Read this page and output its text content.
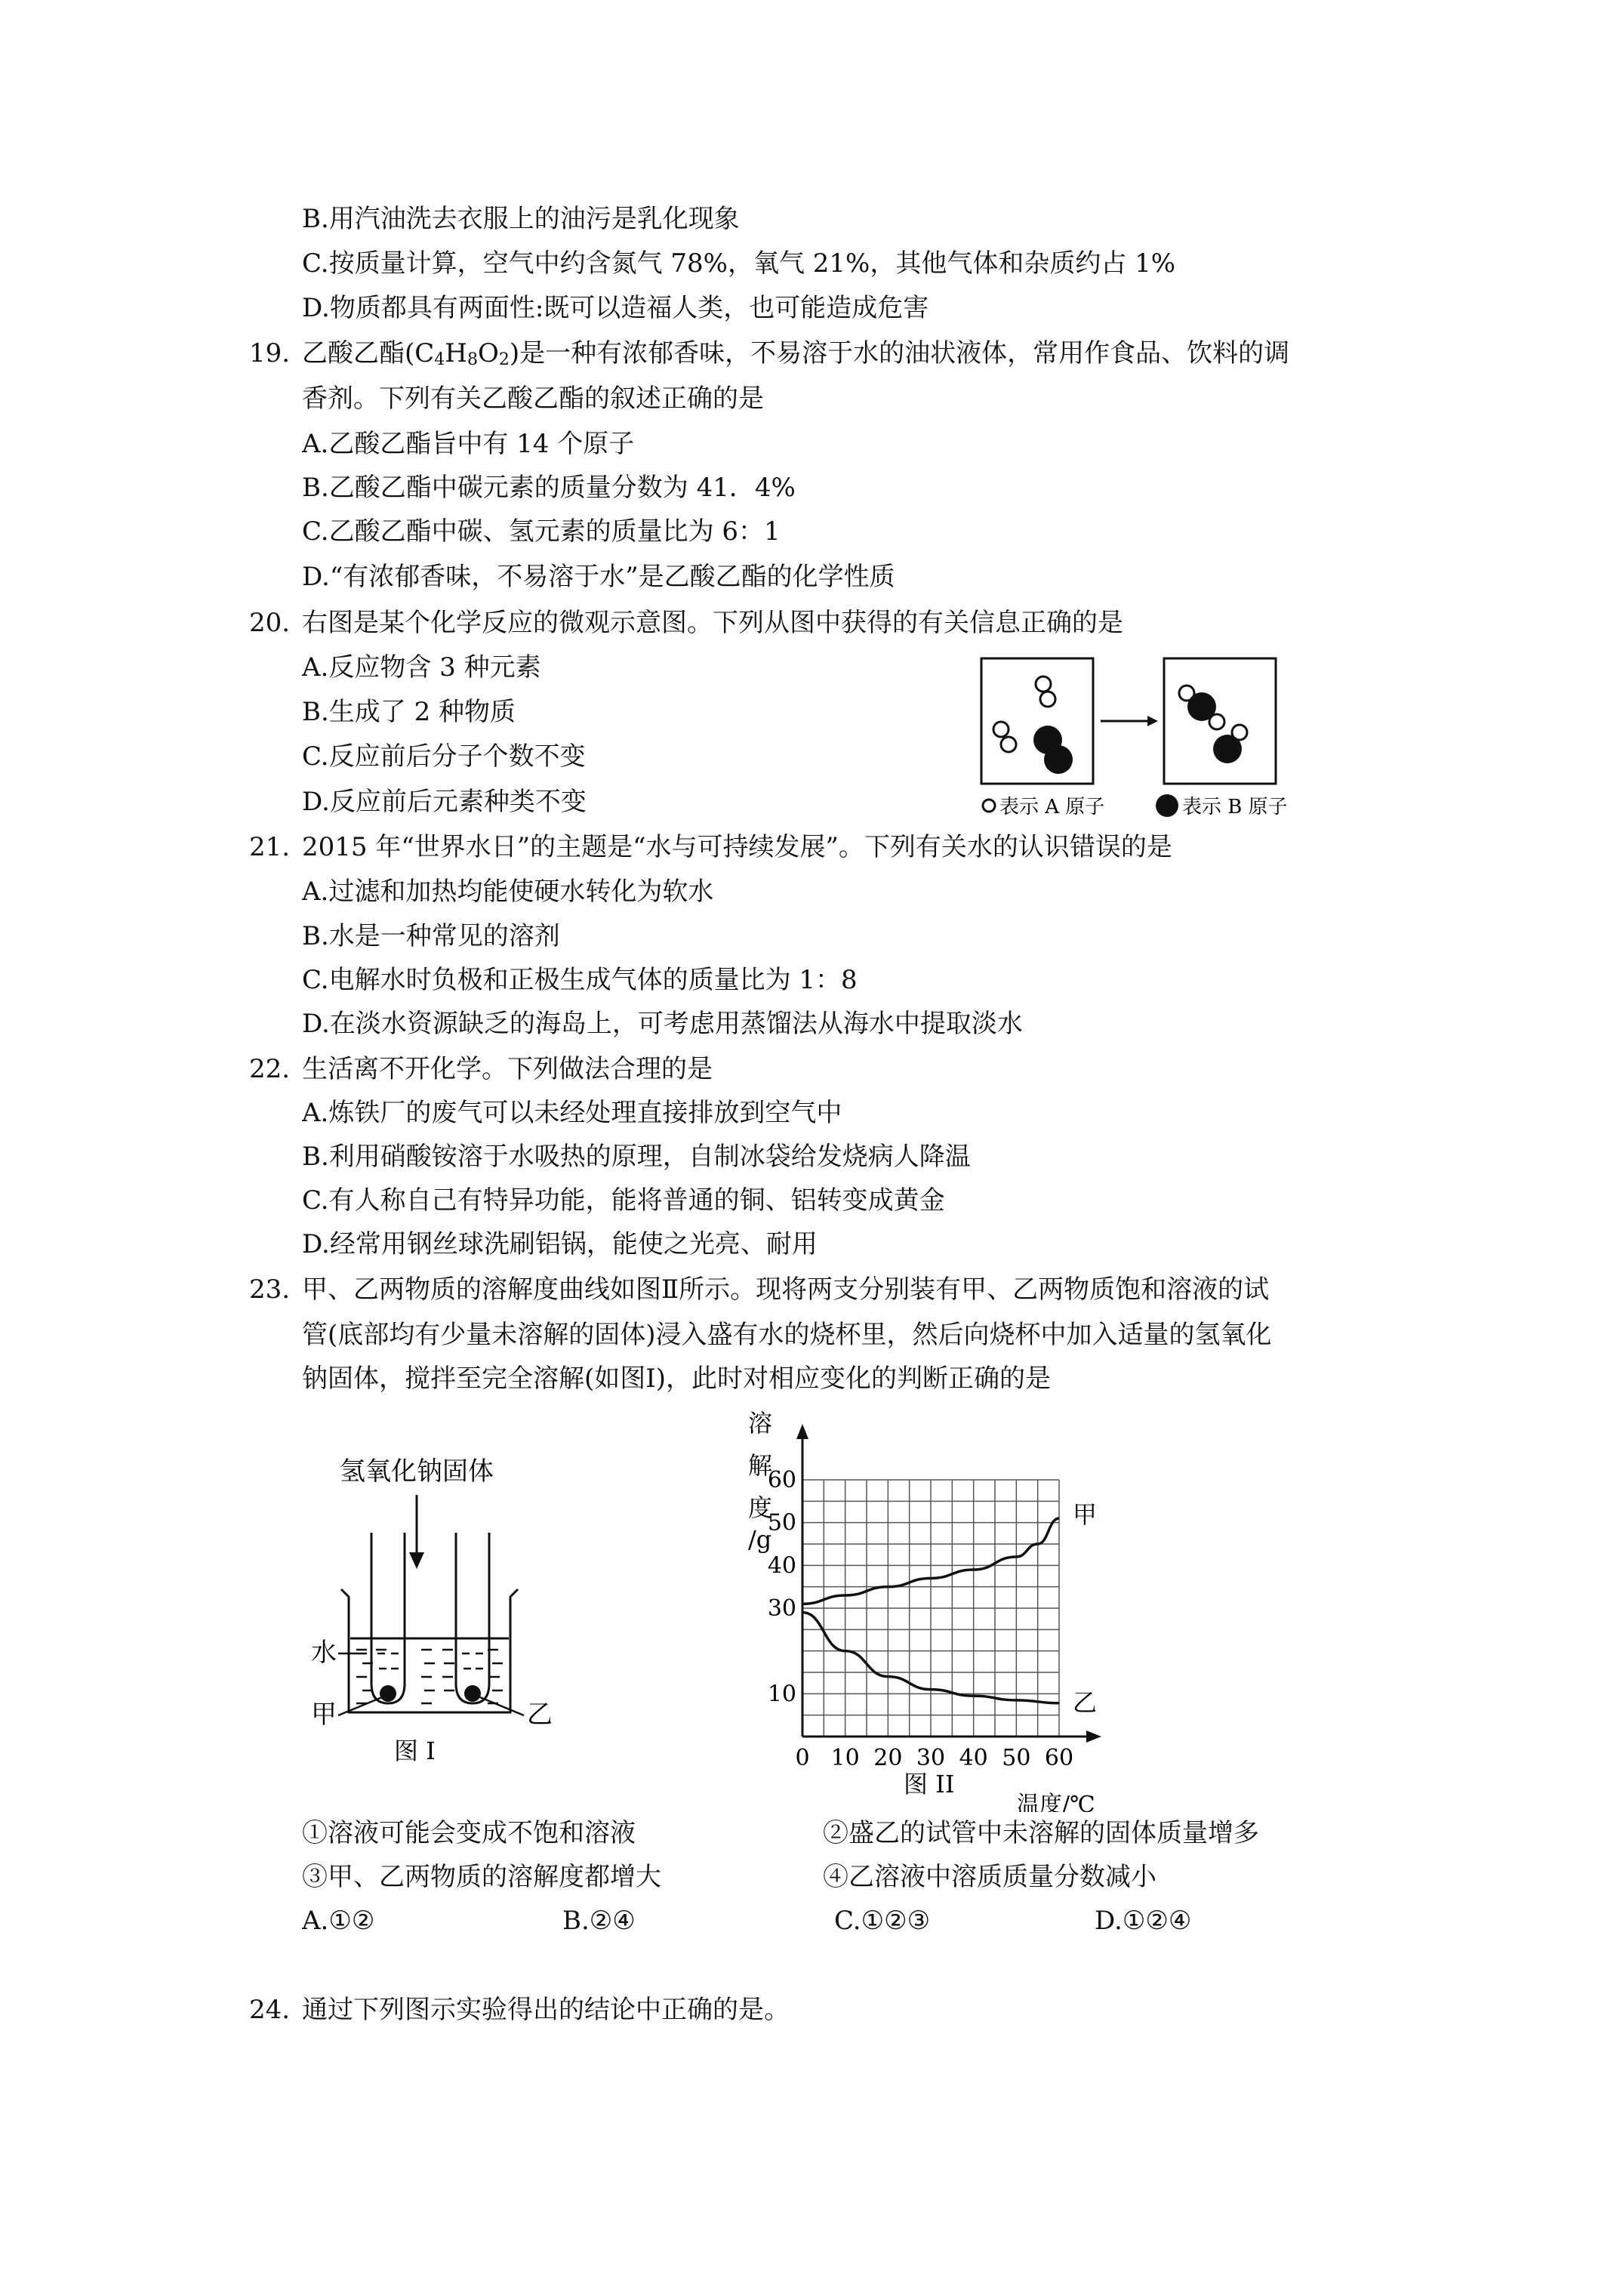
B.用汽油洗去衣服上的油污是乳化现象
C.按质量计算，空气中约含氮气 78%，氧气 21%，其他气体和杂质约占 1%
D.物质都具有两面性:既可以造福人类，也可能造成危害
19. 乙酸乙酯$(C_4H_8O_2)$是一种有浓郁香味，不易溶于水的油状液体，常用作食品、饮料的调
香剂。下列有关乙酸乙酯的叙述正确的是
A.乙酸乙酯旨中有 14 个原子
B.乙酸乙酯中碳元素的质量分数为 41．4%
C.乙酸乙酯中碳、氢元素的质量比为 6：1
D.“有浓郁香味，不易溶于水”是乙酸乙酯的化学性质
20. 右图是某个化学反应的微观示意图。下列从图中获得的有关信息正确的是
A.反应物含 3 种元素
B.生成了 2 种物质
C.反应前后分子个数不变
D.反应前后元素种类不变	表示 A 原子	表示 B 原子
21. 2015 年“世界水日”的主题是“水与可持续发展”。下列有关水的认识错误的是
A.过滤和加热均能使硬水转化为软水
B.水是一种常见的溶剂
C.电解水时负极和正极生成气体的质量比为 1：8
D.在淡水资源缺乏的海岛上，可考虑用蒸馏法从海水中提取淡水
22. 生活离不开化学。下列做法合理的是
A.炼铁厂的废气可以未经处理直接排放到空气中
B.利用硝酸铵溶于水吸热的原理，自制冰袋给发烧病人降温
C.有人称自己有特异功能，能将普通的铜、铝转变成黄金
D.经常用钢丝球洗刷铝锅，能使之光亮、耐用
23. 甲、乙两物质的溶解度曲线如图Ⅱ所示。现将两支分别装有甲、乙两物质饱和溶液的试
管(底部均有少量未溶解的固体)浸入盛有水的烧杯里，然后向烧杯中加入适量的氢氧化
钠固体，搅拌至完全溶解(如图Ⅰ)，此时对相应变化的判断正确的是
氢氧化钠固体
水
甲	乙
图 I	0 10 20 30 40 50 60
10
30
40
50
60
溶
解
度
/g
温度/℃
图 II
甲
乙
①溶液可能会变成不饱和溶液	②盛乙的试管中未溶解的固体质量增多
③甲、乙两物质的溶解度都增大	④乙溶液中溶质质量分数减小
A.①②	B.②④	C.①②③	D.①②④
24. 通过下列图示实验得出的结论中正确的是。
